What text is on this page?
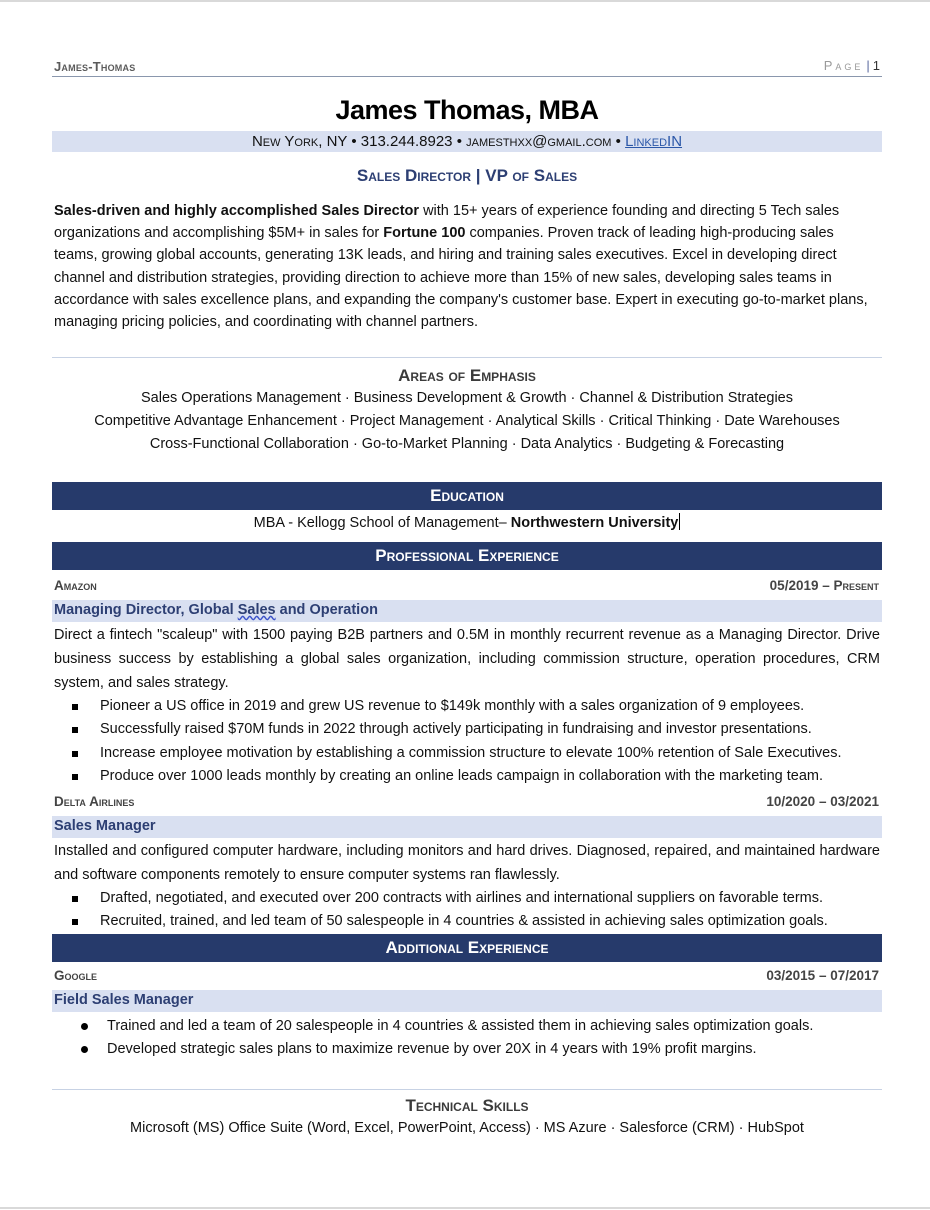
James-Thomas	Page | 1
James Thomas, MBA
New York, NY • 313.244.8923 • jamesthxx@gmail.com • LinkedIN
Sales Director | VP of Sales
Sales-driven and highly accomplished Sales Director with 15+ years of experience founding and directing 5 Tech sales organizations and accomplishing $5M+ in sales for Fortune 100 companies. Proven track of leading high-producing sales teams, growing global accounts, generating 13K leads, and hiring and training sales executives. Excel in developing direct channel and distribution strategies, providing direction to achieve more than 15% of new sales, developing sales teams in accordance with sales excellence plans, and expanding the company's customer base. Expert in executing go-to-market plans, managing pricing policies, and coordinating with channel partners.
Areas of Emphasis
Sales Operations Management · Business Development & Growth · Channel & Distribution Strategies
Competitive Advantage Enhancement · Project Management · Analytical Skills · Critical Thinking · Date Warehouses
Cross-Functional Collaboration · Go-to-Market Planning · Data Analytics · Budgeting & Forecasting
Education
MBA - Kellogg School of Management– Northwestern University
Professional Experience
Amazon	05/2019 – Present
Managing Director, Global Sales and Operation
Direct a fintech "scaleup" with 1500 paying B2B partners and 0.5M in monthly recurrent revenue as a Managing Director. Drive business success by establishing a global sales organization, including commission structure, operation procedures, CRM system, and sales strategy.
Pioneer a US office in 2019 and grew US revenue to $149k monthly with a sales organization of 9 employees.
Successfully raised $70M funds in 2022 through actively participating in fundraising and investor presentations.
Increase employee motivation by establishing a commission structure to elevate 100% retention of Sale Executives.
Produce over 1000 leads monthly by creating an online leads campaign in collaboration with the marketing team.
Delta Airlines	10/2020 – 03/2021
Sales Manager
Installed and configured computer hardware, including monitors and hard drives. Diagnosed, repaired, and maintained hardware and software components remotely to ensure computer systems ran flawlessly.
Drafted, negotiated, and executed over 200 contracts with airlines and international suppliers on favorable terms.
Recruited, trained, and led team of 50 salespeople in 4 countries & assisted in achieving sales optimization goals.
Additional Experience
Google	03/2015 – 07/2017
Field Sales Manager
Trained and led a team of 20 salespeople in 4 countries & assisted them in achieving sales optimization goals.
Developed strategic sales plans to maximize revenue by over 20X in 4 years with 19% profit margins.
Technical Skills
Microsoft (MS) Office Suite (Word, Excel, PowerPoint, Access) · MS Azure · Salesforce (CRM) · HubSpot
